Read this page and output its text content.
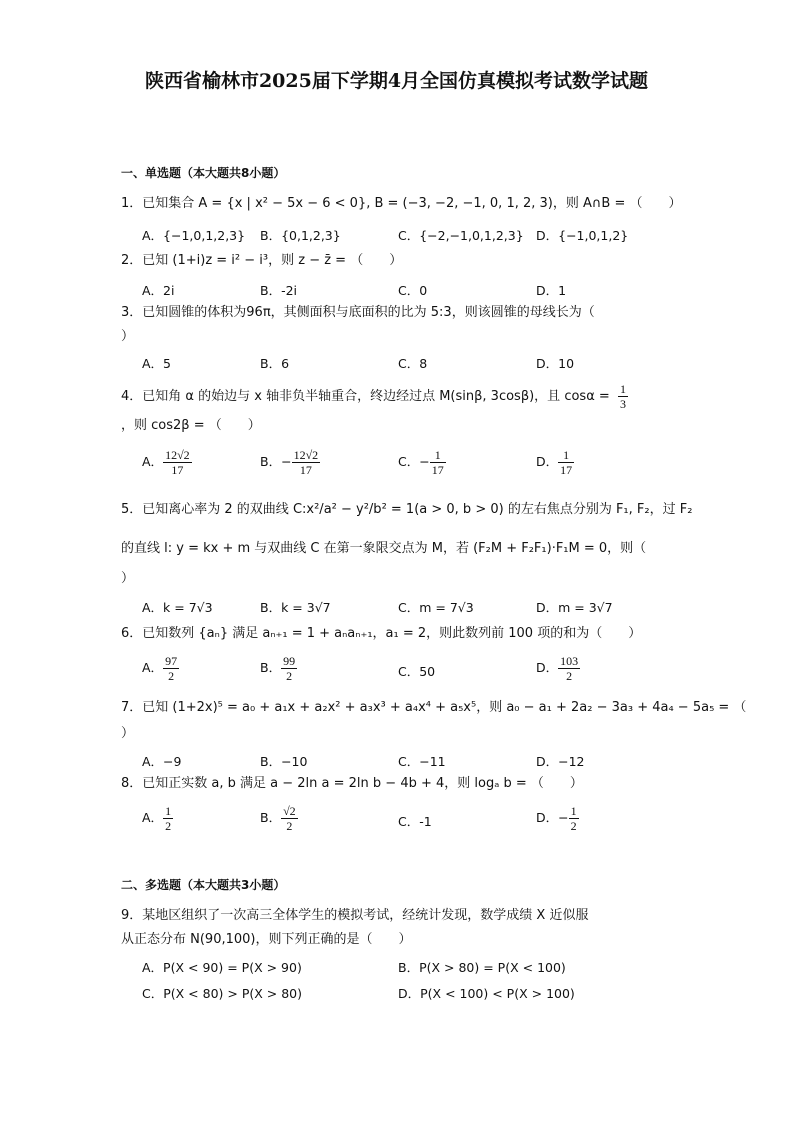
陕西省榆林市2025届下学期4月全国仿真模拟考试数学试题
一、单选题（本大题共8小题）
1．已知集合 A = {x | x² − 5x − 6 < 0}, B = (−3, −2, −1, 0, 1, 2, 3)，则 A∩B = （　　）
A．{−1,0,1,2,3} B．{0,1,2,3}	C．{−2,−1,0,1,2,3} D．{−1,0,1,2}
2．已知 (1+i)z = i² − i³，则 z − z̄ = （　　）
A．2i	B．-2i	C．0	D．1
3．已知圆锥的体积为96π，其侧面积与底面积的比为 5:3，则该圆锥的母线长为（
）
A．5	B．6	C．8	D．10
4．已知角 α 的始边与 x 轴非负半轴重合，终边经过点 M(sinβ, 3cosβ)，且 $\cos\alpha = \frac{1}{3}$
，则 cos2β = （　　）
A． $\frac{12√2}{17}$	B．− $\frac{12√2}{17}$	C．− $\frac{1}{17}$	D． $\frac{1}{17}$
5．已知离心率为 2 的双曲线 C:x²/a² − y²/b² = 1(a > 0, b > 0) 的左右焦点分别为 F₁, F₂，过 F₂
的直线 l: y = kx + m 与双曲线 C 在第一象限交点为 M，若 (F₂M + F₂F₁)·F₁M = 0，则（
）
A．k = 7√3	B．k = 3√7	C．m = 7√3	D．m = 3√7
6．已知数列 {aₙ} 满足 aₙ₊₁ = 1 + aₙaₙ₊₁，a₁ = 2，则此数列前 100 项的和为（　　）
A． $\frac{97}{2}$	B． $\frac{99}{2}$	C．50	D． $\frac{103}{2}$
7．已知 (1+2x)⁵ = a₀ + a₁x + a₂x² + a₃x³ + a₄x⁴ + a₅x⁵，则 a₀ − a₁ + 2a₂ − 3a₃ + 4a₄ − 5a₅ = （
）
A．−9	B．−10	C．−11	D．−12
8．已知正实数 a, b 满足 a − 2ln a = 2ln b − 4b + 4，则 logₐ b = （　　）
A． $\frac{1}{2}$	B． $\frac{√2}{2}$	C．-1	D．− $\frac{1}{2}$
二、多选题（本大题共3小题）
9．某地区组织了一次高三全体学生的模拟考试，经统计发现，数学成绩 X 近似服
从正态分布 N(90,100)，则下列正确的是（　　）
A．P(X < 90) = P(X > 90)	B．P(X > 80) = P(X < 100)
C．P(X < 80) > P(X > 80)	D．P(X < 100) < P(X > 100)
